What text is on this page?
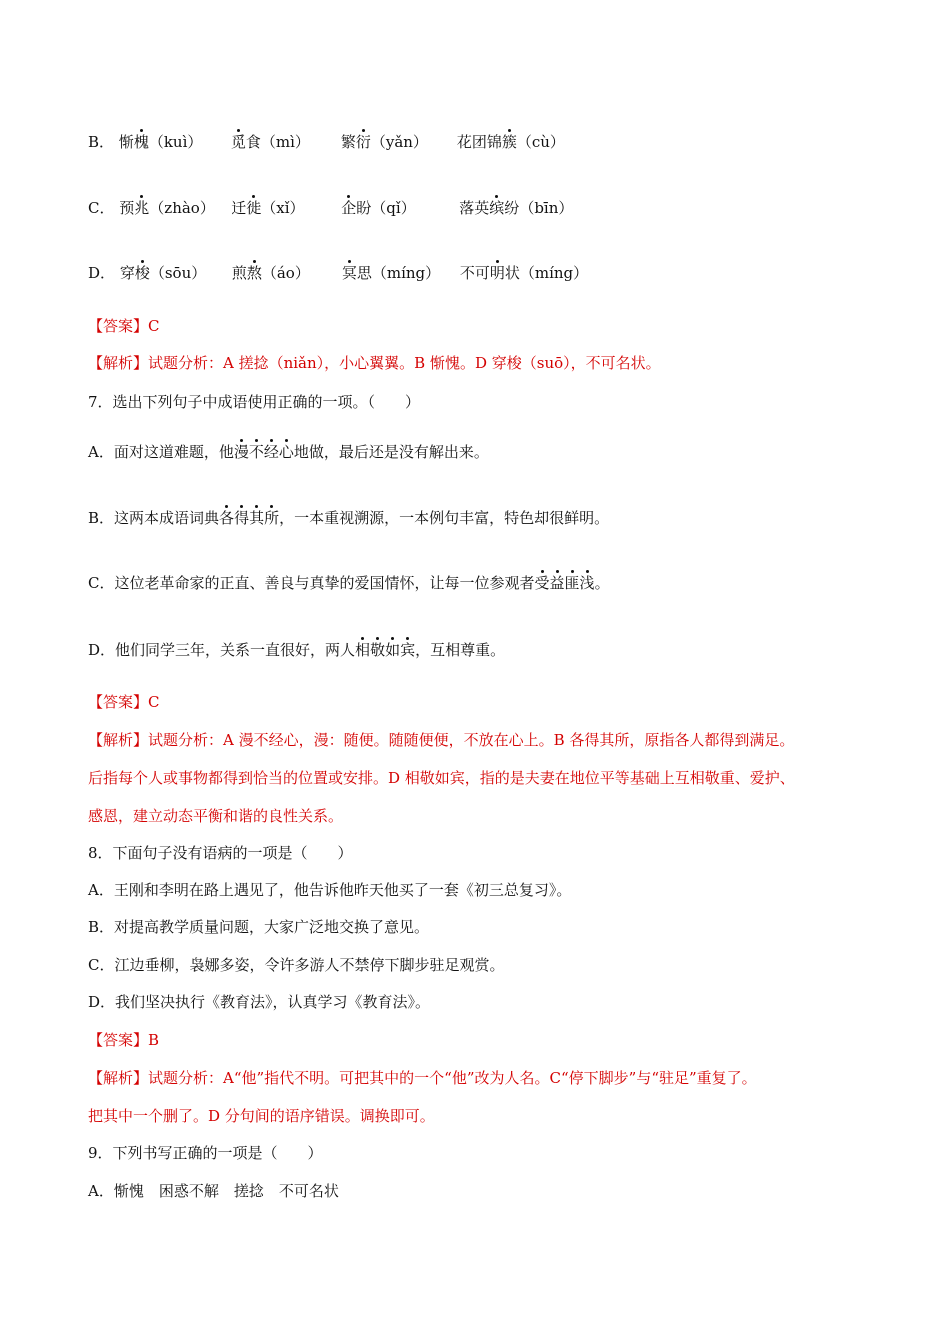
B． 惭槐（kuì） 觅食（mì） 繁衍（yǎn） 花团锦簇（cù）
C． 预兆（zhào） 迁徙（xǐ） 企盼（qǐ）	落英缤纷（bīn）
D． 穿梭（sōu） 煎熬（áo） 冥思（míng） 不可明状（míng）
【答案】C
【解析】试题分析：A 搓捻（niǎn），小心翼翼。B 惭愧。D 穿梭（suō），不可名状。
7．选出下列句子中成语使用正确的一项。（　　）
A．面对这道难题，他漫不经心地做，最后还是没有解出来。
B．这两本成语词典各得其所，一本重视溯源，一本例句丰富，特色却很鲜明。
C．这位老革命家的正直、善良与真挚的爱国情怀，让每一位参观者受益匪浅。
D．他们同学三年，关系一直很好，两人相敬如宾，互相尊重。
【答案】C
【解析】试题分析：A 漫不经心，漫：随便。随随便便，不放在心上。B 各得其所，原指各人都得到满足。
后指每个人或事物都得到恰当的位置或安排。D 相敬如宾，指的是夫妻在地位平等基础上互相敬重、爱护、
感恩，建立动态平衡和谐的良性关系。
8．下面句子没有语病的一项是（　　）
A．王刚和李明在路上遇见了，他告诉他昨天他买了一套《初三总复习》。
B．对提高教学质量问题，大家广泛地交换了意见。
C．江边垂柳，袅娜多姿，令许多游人不禁停下脚步驻足观赏。
D．我们坚决执行《教育法》，认真学习《教育法》。
【答案】B
【解析】试题分析：A“他”指代不明。可把其中的一个“他”改为人名。C“停下脚步”与“驻足”重复了。
把其中一个删了。D 分句间的语序错误。调换即可。
9．下列书写正确的一项是（　　）
A．惭愧　困惑不解　搓捻　不可名状
